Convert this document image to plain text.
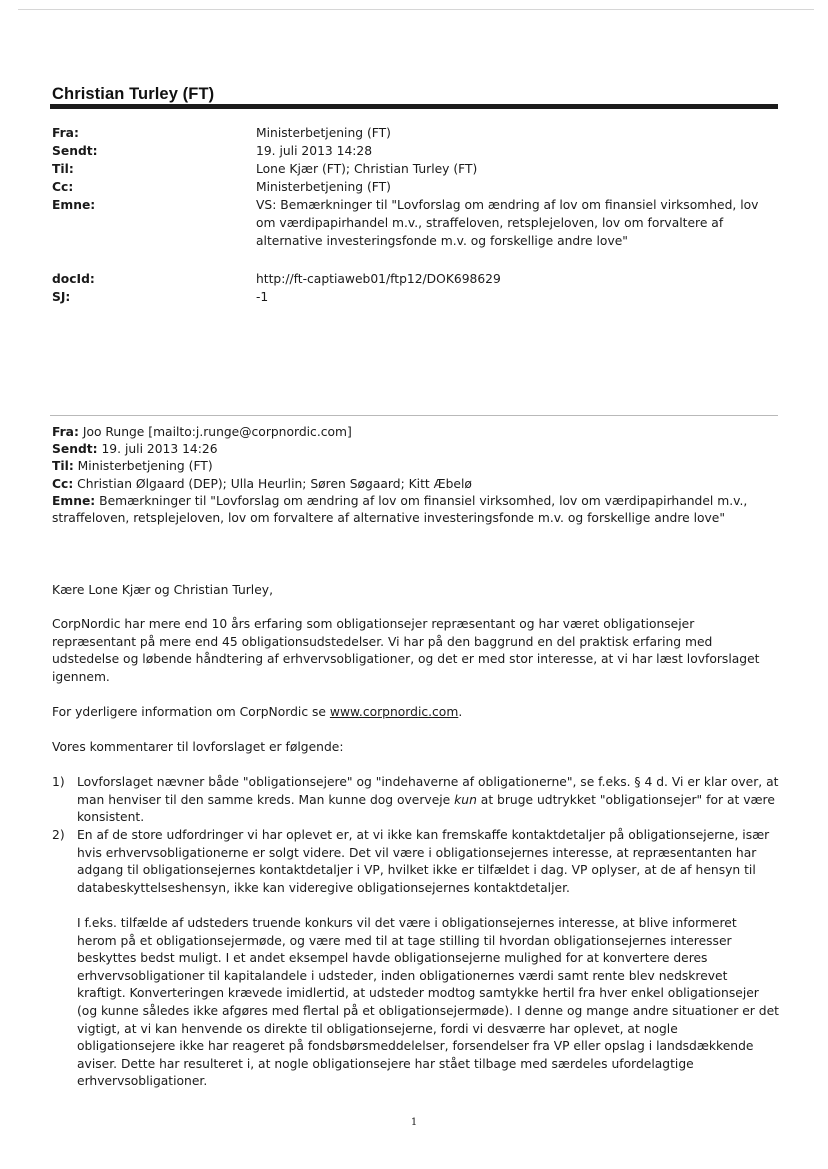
Christian Turley (FT)
Fra:	Ministerbetjening (FT)
Sendt:	19. juli 2013 14:28
Til:	Lone Kjær (FT); Christian Turley (FT)
Cc:	Ministerbetjening (FT)
Emne:	VS: Bemærkninger til "Lovforslag om ændring af lov om finansiel virksomhed, lov om værdipapirhandel m.v., straffeloven, retsplejeloven, lov om forvaltere af alternative investeringsfonde m.v. og forskellige andre love"
docId:	http://ft-captiaweb01/ftp12/DOK698629
SJ:	-1
Fra: Joo Runge [mailto:j.runge@corpnordic.com]
Sendt: 19. juli 2013 14:26
Til: Ministerbetjening (FT)
Cc: Christian Ølgaard (DEP); Ulla Heurlin; Søren Søgaard; Kitt Æbelø
Emne: Bemærkninger til "Lovforslag om ændring af lov om finansiel virksomhed, lov om værdipapirhandel m.v., straffeloven, retsplejeloven, lov om forvaltere af alternative investeringsfonde m.v. og forskellige andre love"

Kære Lone Kjær og Christian Turley,

CorpNordic har mere end 10 års erfaring som obligationsejer repræsentant og har været obligationsejer repræsentant på mere end 45 obligationsudstedelser. Vi har på den baggrund en del praktisk erfaring med udstedelse og løbende håndtering af erhvervsobligationer, og det er med stor interesse, at vi har læst lovforslaget igennem.

For yderligere information om CorpNordic se www.corpnordic.com.

Vores kommentarer til lovforslaget er følgende:

1) Lovforslaget nævner både "obligationsejere" og "indehaverne af obligationerne", se f.eks. § 4 d. Vi er klar over, at man henviser til den samme kreds. Man kunne dog overveje kun at bruge udtrykket "obligationsejer" for at være konsistent.
2) En af de store udfordringer vi har oplevet er, at vi ikke kan fremskaffe kontaktdetaljer på obligationsejerne, især hvis erhvervsobligationerne er solgt videre. Det vil være i obligationsejernes interesse, at repræsentanten har adgang til obligationsejernes kontaktdetaljer i VP, hvilket ikke er tilfældet i dag. VP oplyser, at de af hensyn til databeskyttelseshensyn, ikke kan videregive obligationsejernes kontaktdetaljer.
I f.eks. tilfælde af udsteders truende konkurs vil det være i obligationsejernes interesse, at blive informeret herom på et obligationsejermøde, og være med til at tage stilling til hvordan obligationsejernes interesser beskyttes bedst muligt. I et andet eksempel havde obligationsejerne mulighed for at konvertere deres erhvervsobligationer til kapitalandele i udsteder, inden obligationernes værdi samt rente blev nedskrevet kraftigt. Konverteringen krævede imidlertid, at udsteder modtog samtykke hertil fra hver enkel obligationsejer (og kunne således ikke afgøres med flertal på et obligationsejermøde). I denne og mange andre situationer er det vigtigt, at vi kan henvende os direkte til obligationsejerne, fordi vi desværre har oplevet, at nogle obligationsejere ikke har reageret på fondsbørsmeddelelser, forsendelser fra VP eller opslag i landsdækkende aviser. Dette har resulteret i, at nogle obligationsejere har stået tilbage med særdeles ufordelagtige erhvervsobligationer.
1
